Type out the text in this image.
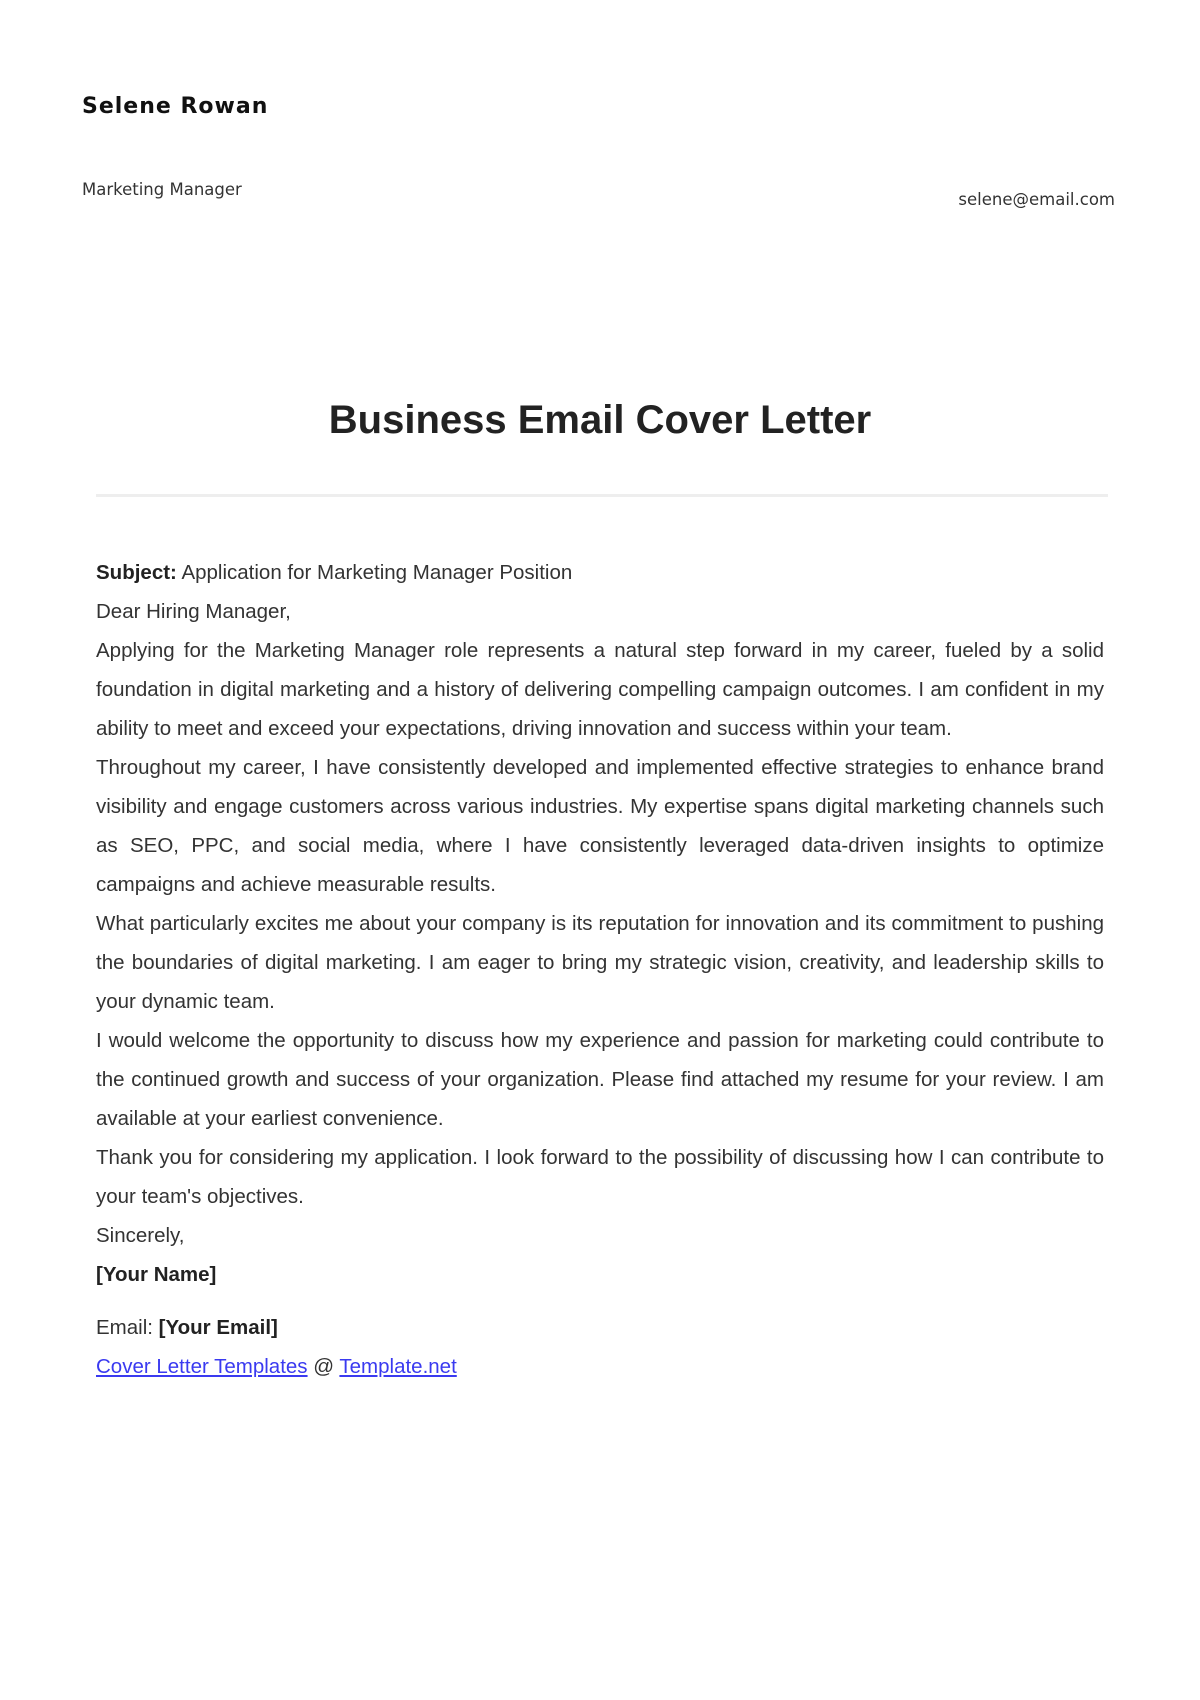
Selene Rowan
Marketing Manager
selene@email.com
Business Email Cover Letter

Subject: Application for Marketing Manager Position

Dear Hiring Manager,

Applying for the Marketing Manager role represents a natural step forward in my career, fueled by a solid foundation in digital marketing and a history of delivering compelling campaign outcomes. I am confident in my ability to meet and exceed your expectations, driving innovation and success within your team.

Throughout my career, I have consistently developed and implemented effective strategies to enhance brand visibility and engage customers across various industries. My expertise spans digital marketing channels such as SEO, PPC, and social media, where I have consistently leveraged data-driven insights to optimize campaigns and achieve measurable results.

What particularly excites me about your company is its reputation for innovation and its commitment to pushing the boundaries of digital marketing. I am eager to bring my strategic vision, creativity, and leadership skills to your dynamic team.

I would welcome the opportunity to discuss how my experience and passion for marketing could contribute to the continued growth and success of your organization. Please find attached my resume for your review. I am available at your earliest convenience.

Thank you for considering my application. I look forward to the possibility of discussing how I can contribute to your team's objectives.

Sincerely,

[Your Name]

Email: [Your Email]

Cover Letter Templates @ Template.net
